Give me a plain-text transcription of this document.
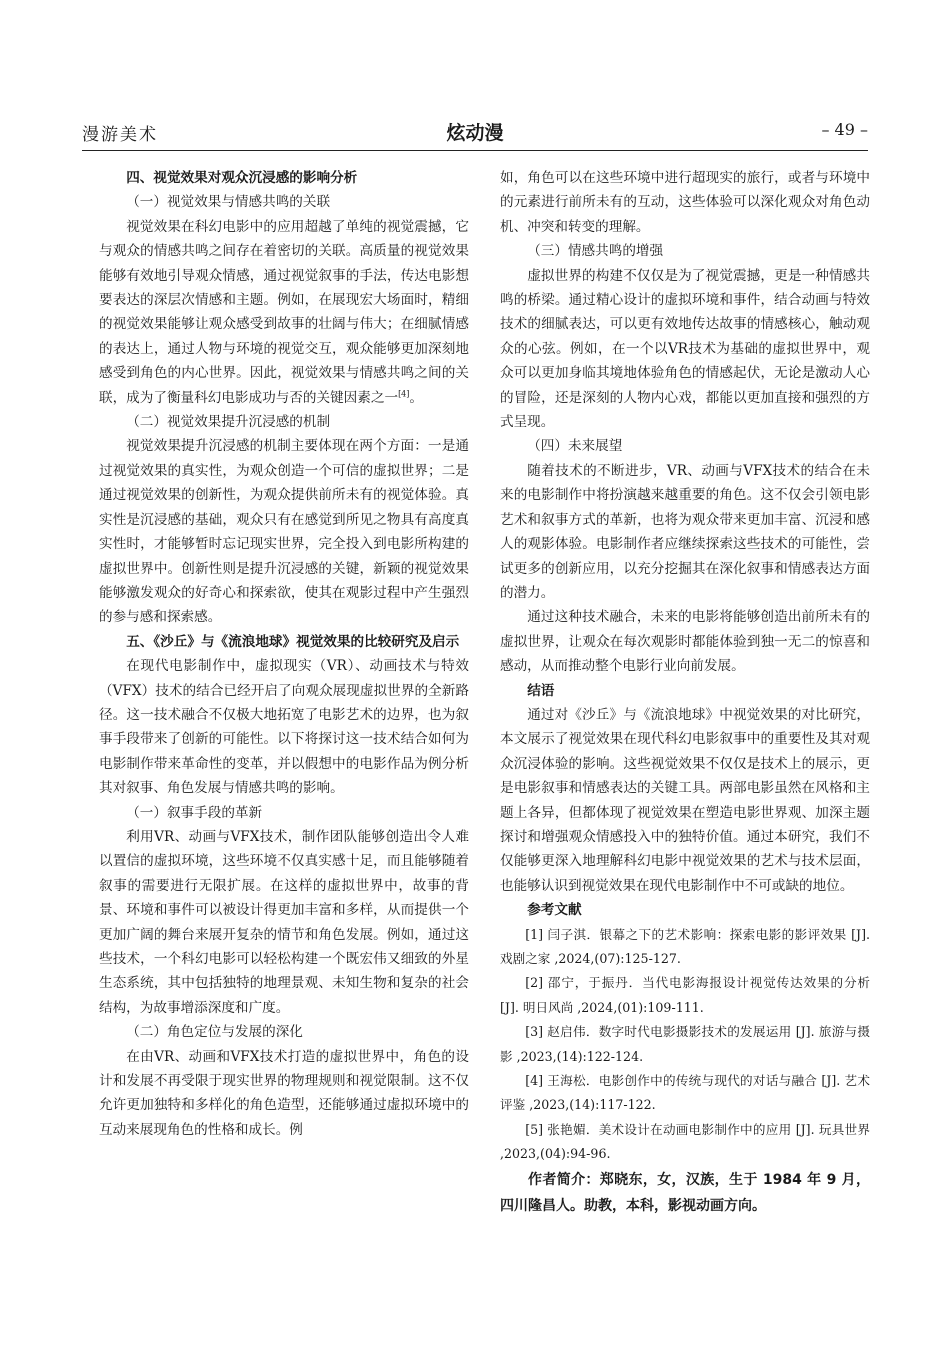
漫游美术	炫动漫	– 49 –

四、视觉效果对观众沉浸感的影响分析

（一）视觉效果与情感共鸣的关联

视觉效果在科幻电影中的应用超越了单纯的视觉震撼，它与观众的情感共鸣之间存在着密切的关联。高质量的视觉效果能够有效地引导观众情感，通过视觉叙事的手法，传达电影想要表达的深层次情感和主题。例如，在展现宏大场面时，精细的视觉效果能够让观众感受到故事的壮阔与伟大；在细腻情感的表达上，通过人物与环境的视觉交互，观众能够更加深刻地感受到角色的内心世界。因此，视觉效果与情感共鸣之间的关联，成为了衡量科幻电影成功与否的关键因素之一[4]。

（二）视觉效果提升沉浸感的机制

视觉效果提升沉浸感的机制主要体现在两个方面：一是通过视觉效果的真实性，为观众创造一个可信的虚拟世界；二是通过视觉效果的创新性，为观众提供前所未有的视觉体验。真实性是沉浸感的基础，观众只有在感觉到所见之物具有高度真实性时，才能够暂时忘记现实世界，完全投入到电影所构建的虚拟世界中。创新性则是提升沉浸感的关键，新颖的视觉效果能够激发观众的好奇心和探索欲，使其在观影过程中产生强烈的参与感和探索感。

五、《沙丘》与《流浪地球》视觉效果的比较研究及启示

在现代电影制作中，虚拟现实（VR）、动画技术与特效（VFX）技术的结合已经开启了向观众展现虚拟世界的全新路径。这一技术融合不仅极大地拓宽了电影艺术的边界，也为叙事手段带来了创新的可能性。以下将探讨这一技术结合如何为电影制作带来革命性的变革，并以假想中的电影作品为例分析其对叙事、角色发展与情感共鸣的影响。

（一）叙事手段的革新

利用VR、动画与VFX技术，制作团队能够创造出令人难以置信的虚拟环境，这些环境不仅真实感十足，而且能够随着叙事的需要进行无限扩展。在这样的虚拟世界中，故事的背景、环境和事件可以被设计得更加丰富和多样，从而提供一个更加广阔的舞台来展开复杂的情节和角色发展。例如，通过这些技术，一个科幻电影可以轻松构建一个既宏伟又细致的外星生态系统，其中包括独特的地理景观、未知生物和复杂的社会结构，为故事增添深度和广度。

（二）角色定位与发展的深化

在由VR、动画和VFX技术打造的虚拟世界中，角色的设计和发展不再受限于现实世界的物理规则和视觉限制。这不仅允许更加独特和多样化的角色造型，还能够通过虚拟环境中的互动来展现角色的性格和成长。例

如，角色可以在这些环境中进行超现实的旅行，或者与环境中的元素进行前所未有的互动，这些体验可以深化观众对角色动机、冲突和转变的理解。

（三）情感共鸣的增强

虚拟世界的构建不仅仅是为了视觉震撼，更是一种情感共鸣的桥梁。通过精心设计的虚拟环境和事件，结合动画与特效技术的细腻表达，可以更有效地传达故事的情感核心，触动观众的心弦。例如，在一个以VR技术为基础的虚拟世界中，观众可以更加身临其境地体验角色的情感起伏，无论是激动人心的冒险，还是深刻的人物内心戏，都能以更加直接和强烈的方式呈现。

（四）未来展望

随着技术的不断进步，VR、动画与VFX技术的结合在未来的电影制作中将扮演越来越重要的角色。这不仅会引领电影艺术和叙事方式的革新，也将为观众带来更加丰富、沉浸和感人的观影体验。电影制作者应继续探索这些技术的可能性，尝试更多的创新应用，以充分挖掘其在深化叙事和情感表达方面的潜力。

通过这种技术融合，未来的电影将能够创造出前所未有的虚拟世界，让观众在每次观影时都能体验到独一无二的惊喜和感动，从而推动整个电影行业向前发展。

结语

通过对《沙丘》与《流浪地球》中视觉效果的对比研究，本文展示了视觉效果在现代科幻电影叙事中的重要性及其对观众沉浸体验的影响。这些视觉效果不仅仅是技术上的展示，更是电影叙事和情感表达的关键工具。两部电影虽然在风格和主题上各异，但都体现了视觉效果在塑造电影世界观、加深主题探讨和增强观众情感投入中的独特价值。通过本研究，我们不仅能够更深入地理解科幻电影中视觉效果的艺术与技术层面，也能够认识到视觉效果在现代电影制作中不可或缺的地位。

参考文献

[1] 闫子淇．银幕之下的艺术影响：探索电影的影评效果 [J]. 戏剧之家 ,2024,(07):125-127.

[2] 邵宁，于振丹．当代电影海报设计视觉传达效果的分析 [J]. 明日风尚 ,2024,(01):109-111.

[3] 赵启伟．数字时代电影摄影技术的发展运用 [J]. 旅游与摄影 ,2023,(14):122-124.

[4] 王海松．电影创作中的传统与现代的对话与融合 [J]. 艺术评鉴 ,2023,(14):117-122.

[5] 张艳媚．美术设计在动画电影制作中的应用 [J]. 玩具世界 ,2023,(04):94-96.

作者简介：郑晓东，女，汉族，生于 1984 年 9 月，四川隆昌人。助教，本科，影视动画方向。
